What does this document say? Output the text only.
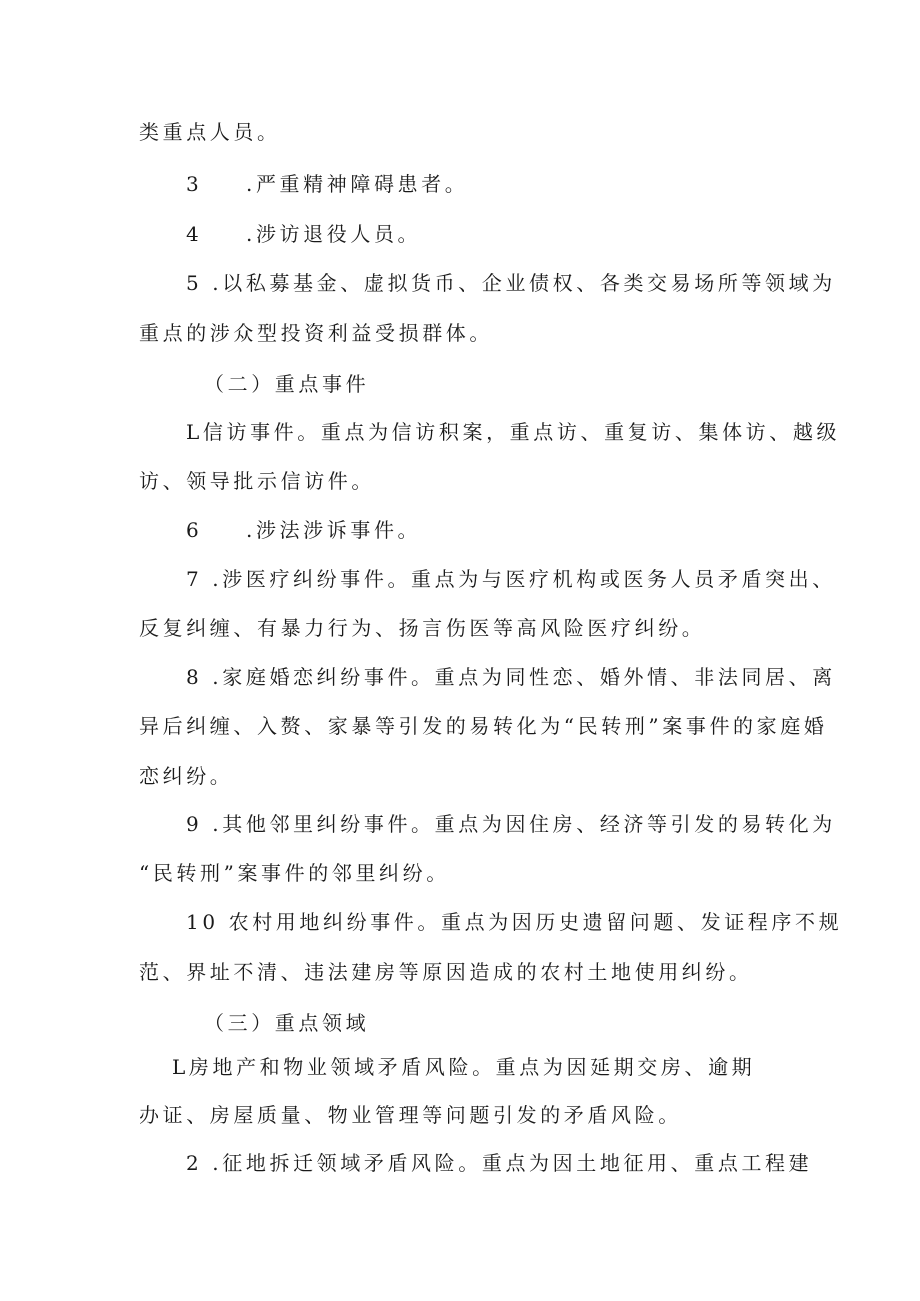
类重点人员。
3 .严重精神障碍患者。
4 .涉访退役人员。
5 .以私募基金、虚拟货币、企业债权、各类交易场所等领域为
重点的涉众型投资利益受损群体。
（二）重点事件
L信访事件。重点为信访积案，重点访、重复访、集体访、越级
访、领导批示信访件。
6 .涉法涉诉事件。
7 .涉医疗纠纷事件。重点为与医疗机构或医务人员矛盾突出、
反复纠缠、有暴力行为、扬言伤医等高风险医疗纠纷。
8 .家庭婚恋纠纷事件。重点为同性恋、婚外情、非法同居、离
异后纠缠、入赘、家暴等引发的易转化为“民转刑”案事件的家庭婚
恋纠纷。
9 .其他邻里纠纷事件。重点为因住房、经济等引发的易转化为
“民转刑”案事件的邻里纠纷。
10 农村用地纠纷事件。重点为因历史遗留问题、发证程序不规
范、界址不清、违法建房等原因造成的农村土地使用纠纷。
（三）重点领域
L房地产和物业领域矛盾风险。重点为因延期交房、逾期
办证、房屋质量、物业管理等问题引发的矛盾风险。
2 .征地拆迁领域矛盾风险。重点为因土地征用、重点工程建
